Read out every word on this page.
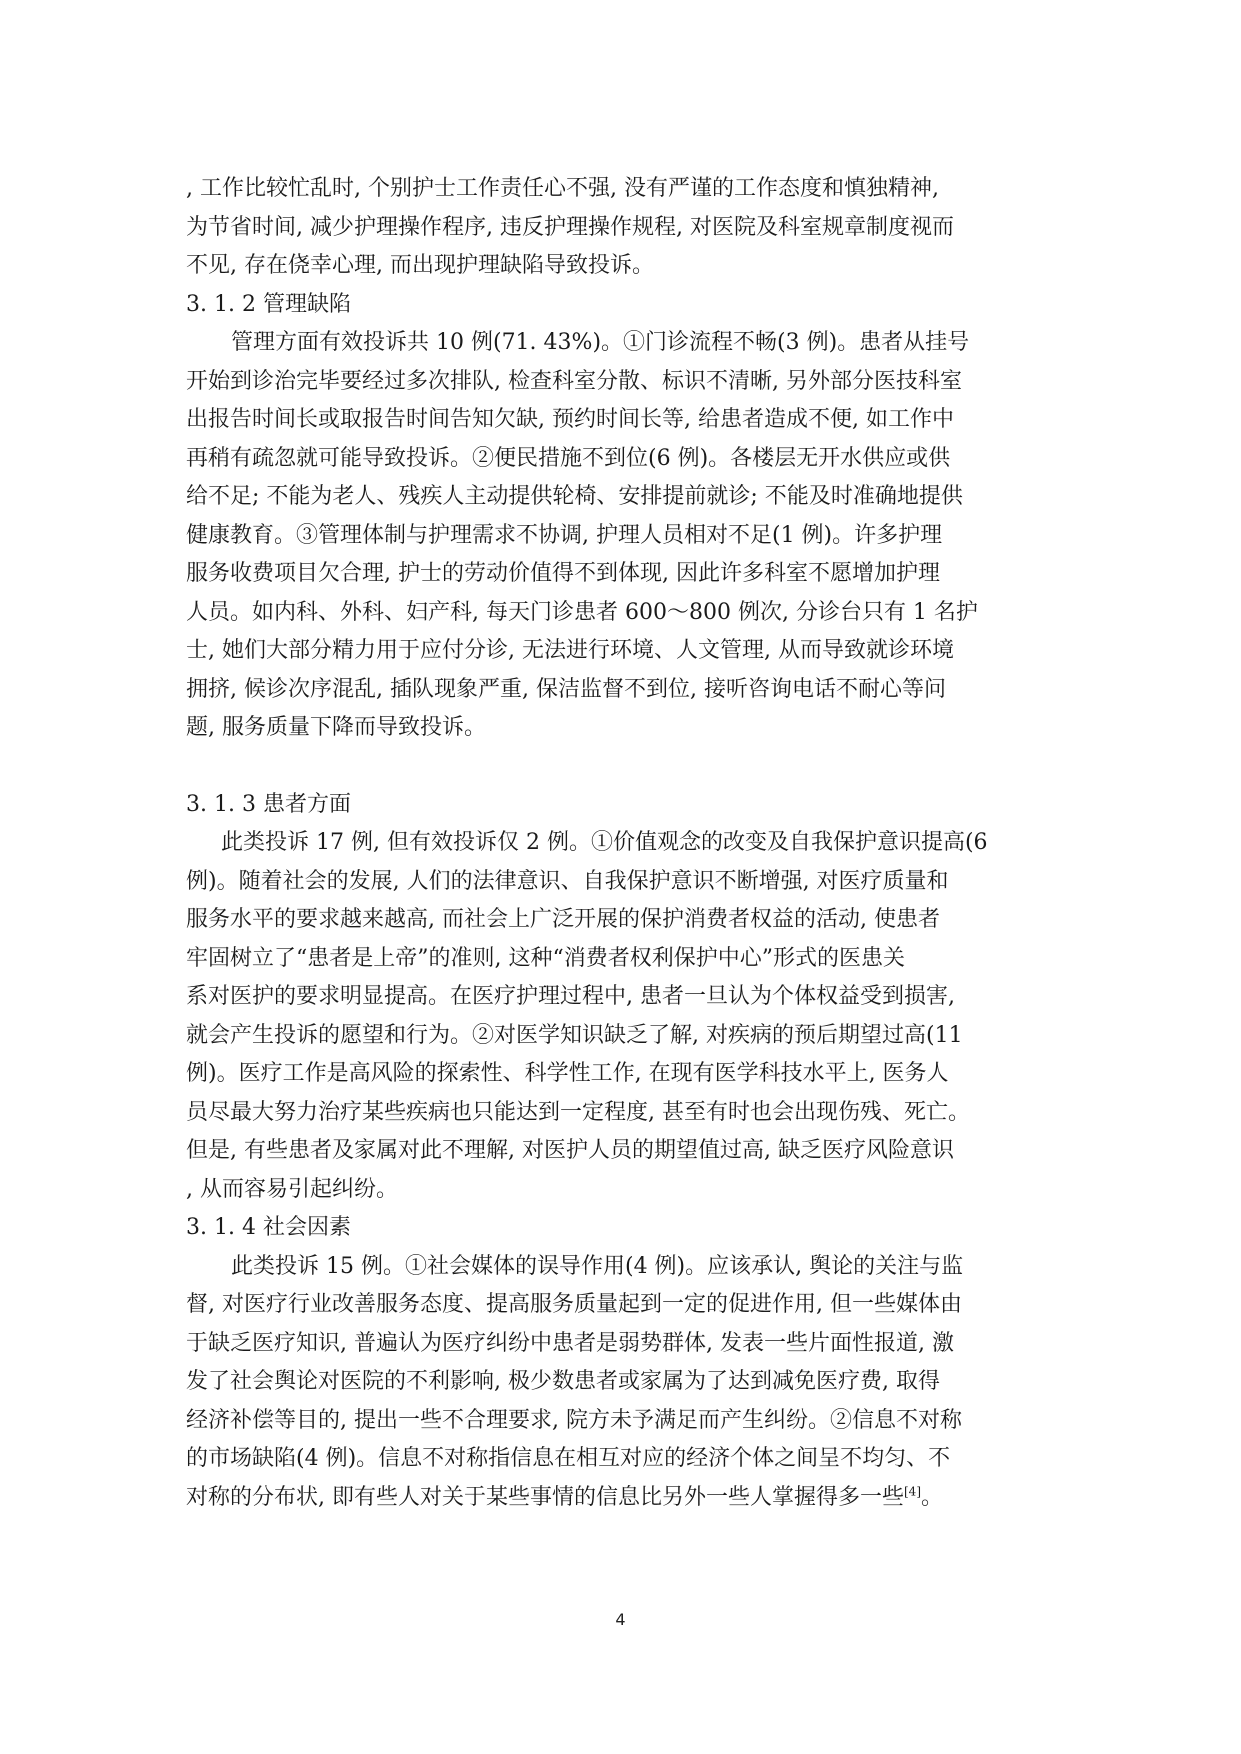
, 工作比较忙乱时, 个别护士工作责任心不强, 没有严谨的工作态度和慎独精神,
为节省时间, 减少护理操作程序, 违反护理操作规程, 对医院及科室规章制度视而
不见, 存在侥幸心理, 而出现护理缺陷导致投诉。
3. 1. 2 管理缺陷
管理方面有效投诉共 10 例(71. 43%)。①门诊流程不畅(3 例)。患者从挂号
开始到诊治完毕要经过多次排队, 检查科室分散、标识不清晰, 另外部分医技科室
出报告时间长或取报告时间告知欠缺, 预约时间长等, 给患者造成不便, 如工作中
再稍有疏忽就可能导致投诉。②便民措施不到位(6 例)。各楼层无开水供应或供
给不足; 不能为老人、残疾人主动提供轮椅、安排提前就诊; 不能及时准确地提供
健康教育。③管理体制与护理需求不协调, 护理人员相对不足(1 例)。许多护理
服务收费项目欠合理, 护士的劳动价值得不到体现, 因此许多科室不愿增加护理
人员。如内科、外科、妇产科, 每天门诊患者 600～800 例次, 分诊台只有 1 名护
士, 她们大部分精力用于应付分诊, 无法进行环境、人文管理, 从而导致就诊环境
拥挤, 候诊次序混乱, 插队现象严重, 保洁监督不到位, 接听咨询电话不耐心等问
题, 服务质量下降而导致投诉。
3. 1. 3 患者方面
此类投诉 17 例, 但有效投诉仅 2 例。①价值观念的改变及自我保护意识提高(6
例)。随着社会的发展, 人们的法律意识、自我保护意识不断增强, 对医疗质量和
服务水平的要求越来越高, 而社会上广泛开展的保护消费者权益的活动, 使患者
牢固树立了“患者是上帝”的准则, 这种“消费者权利保护中心”形式的医患关
系对医护的要求明显提高。在医疗护理过程中, 患者一旦认为个体权益受到损害,
就会产生投诉的愿望和行为。②对医学知识缺乏了解, 对疾病的预后期望过高(11
例)。医疗工作是高风险的探索性、科学性工作, 在现有医学科技水平上, 医务人
员尽最大努力治疗某些疾病也只能达到一定程度, 甚至有时也会出现伤残、死亡。
但是, 有些患者及家属对此不理解, 对医护人员的期望值过高, 缺乏医疗风险意识
, 从而容易引起纠纷。
3. 1. 4 社会因素
此类投诉 15 例。①社会媒体的误导作用(4 例)。应该承认, 舆论的关注与监
督, 对医疗行业改善服务态度、提高服务质量起到一定的促进作用, 但一些媒体由
于缺乏医疗知识, 普遍认为医疗纠纷中患者是弱势群体, 发表一些片面性报道, 激
发了社会舆论对医院的不利影响, 极少数患者或家属为了达到减免医疗费, 取得
经济补偿等目的, 提出一些不合理要求, 院方未予满足而产生纠纷。②信息不对称
的市场缺陷(4 例)。信息不对称指信息在相互对应的经济个体之间呈不均匀、不
对称的分布状, 即有些人对关于某些事情的信息比另外一些人掌握得多一些[4]。
4
